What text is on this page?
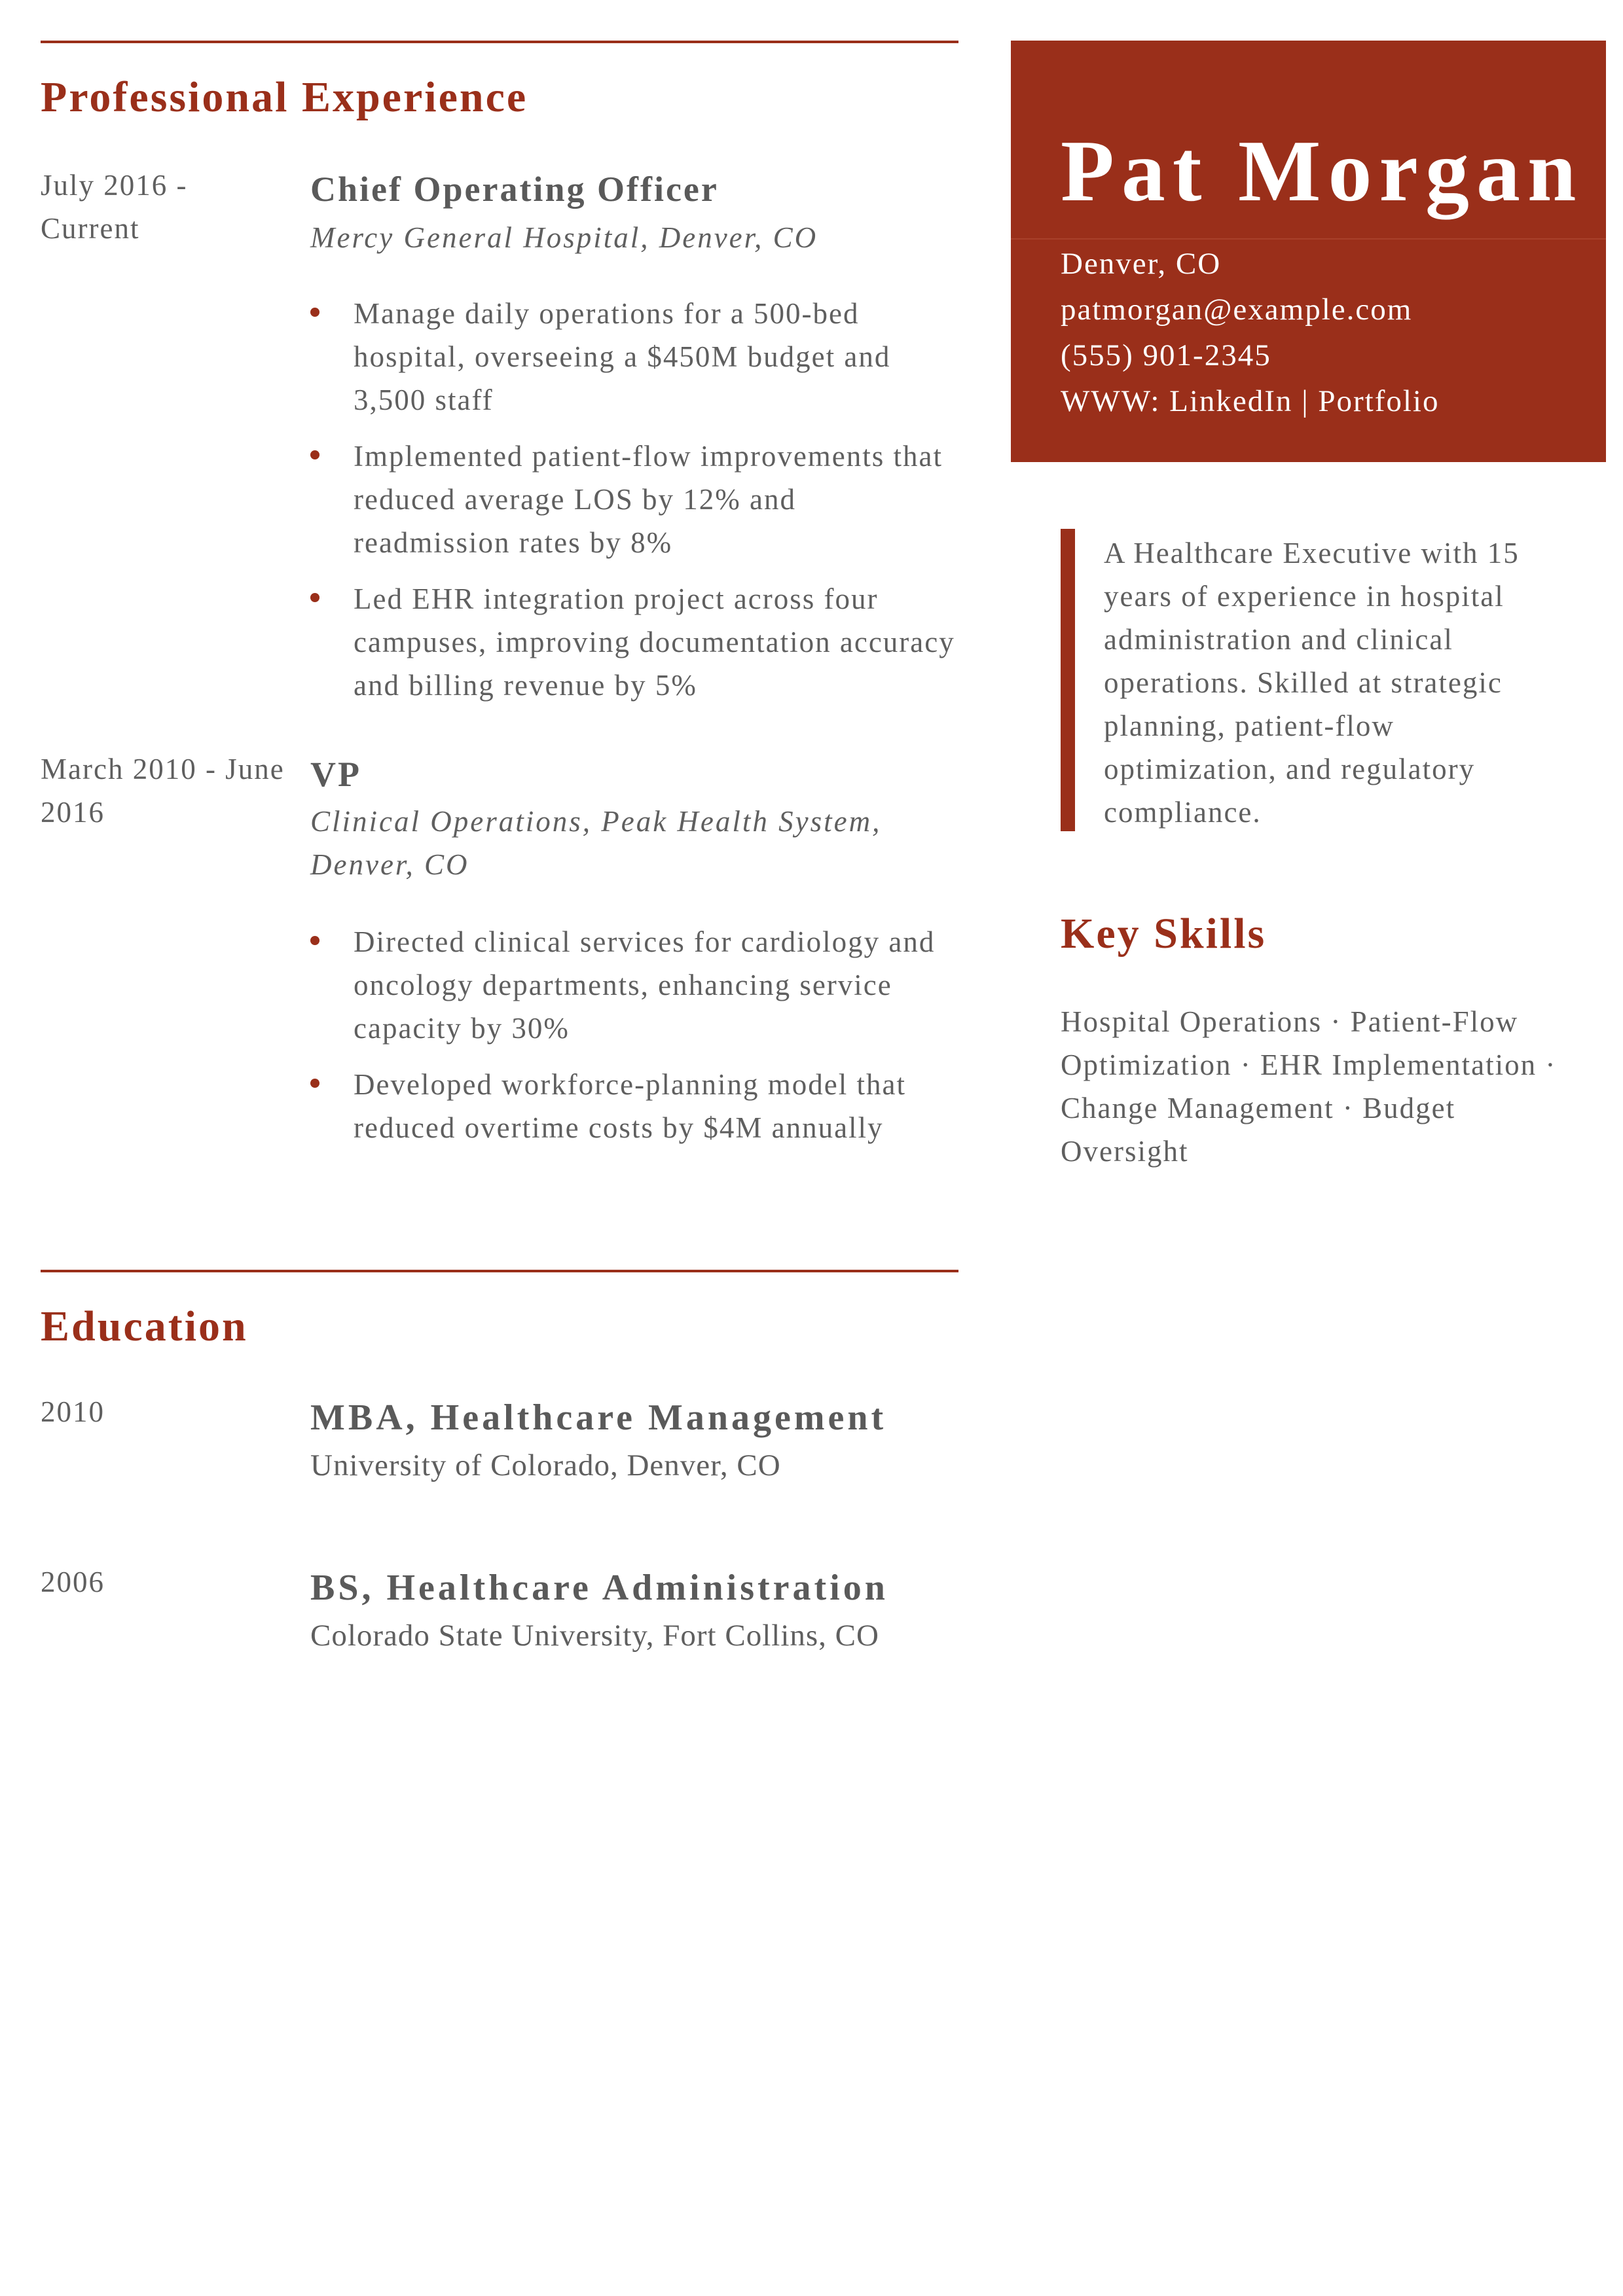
Professional Experience
July 2016 - Current
Chief Operating Officer
Mercy General Hospital, Denver, CO
Manage daily operations for a 500-bed hospital, overseeing a $450M budget and 3,500 staff
Implemented patient-flow improvements that reduced average LOS by 12% and readmission rates by 8%
Led EHR integration project across four campuses, improving documentation accuracy and billing revenue by 5%
March 2010 - June 2016
VP
Clinical Operations, Peak Health System, Denver, CO
Directed clinical services for cardiology and oncology departments, enhancing service capacity by 30%
Developed workforce-planning model that reduced overtime costs by $4M annually
Education
2010	MBA, Healthcare Management
University of Colorado, Denver, CO
2006	BS, Healthcare Administration
Colorado State University, Fort Collins, CO
Pat Morgan
Denver, CO
patmorgan@example.com
(555) 901-2345
WWW: LinkedIn | Portfolio
A Healthcare Executive with 15 years of experience in hospital administration and clinical operations. Skilled at strategic planning, patient-flow optimization, and regulatory compliance.
Key Skills
Hospital Operations · Patient-Flow Optimization · EHR Implementation · Change Management · Budget Oversight
